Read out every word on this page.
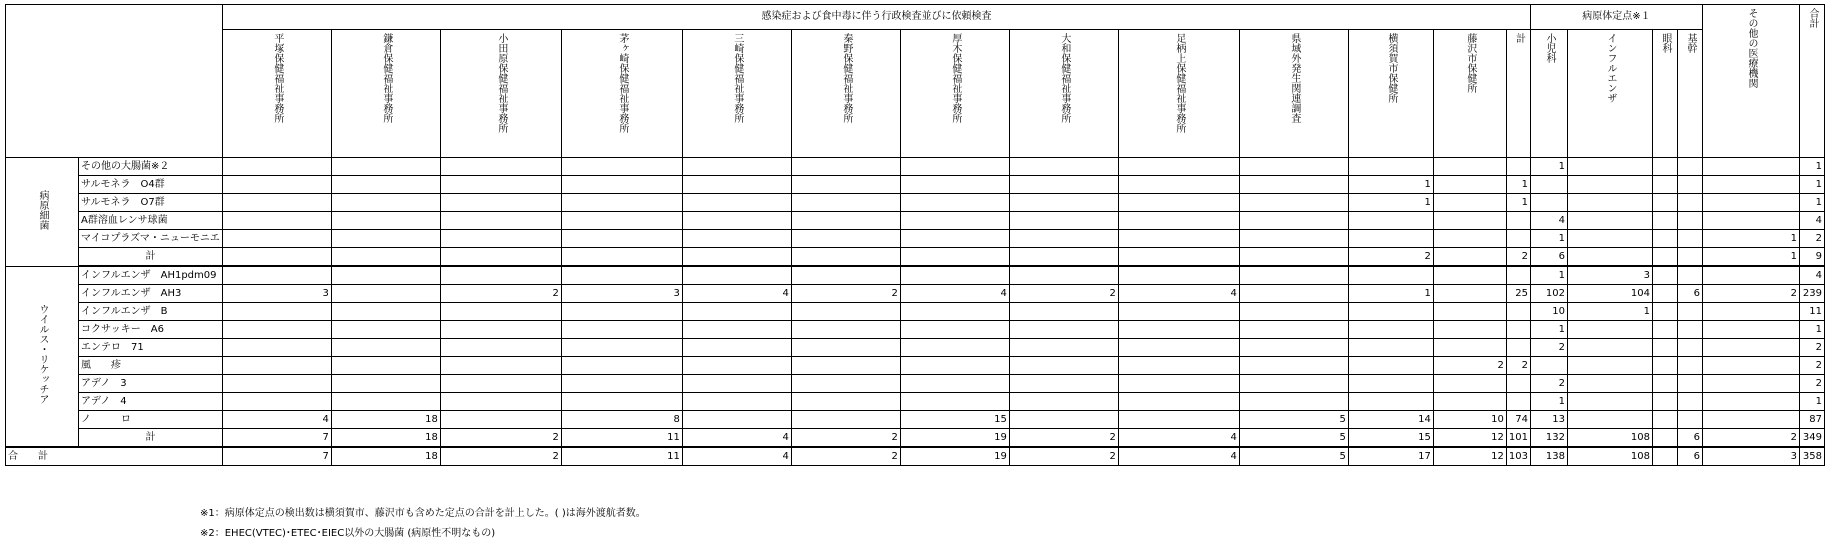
		感染症および食中毒に伴う行政検査並びに依頼検査													病原体定点※１				その他の医療機関	合計
		平塚保健福祉事務所	鎌倉保健福祉事務所	小田原保健福祉事務所	茅ヶ崎保健福祉事務所	三崎保健福祉事務所	秦野保健福祉事務所	厚木保健福祉事務所	大和保健福祉事務所	足柄上保健福祉事務所	県域外発生関連調査	横須賀市保健所	藤沢市保健所	計	小児科	インフルエンザ	眼科	基幹		
病原細菌	その他の大腸菌※２														1					1
	サルモネラ　O4群											1		1						1
	サルモネラ　O7群											1		1						1
	A群溶血レンサ球菌														4					4
	マイコプラズマ・ニューモニエ														1				1	2
	計											2		2	6				1	9
ウイルス・リケッチア	インフルエンザ　AH1pdm09														1	3				4
	インフルエンザ　AH3	3		2	3	4	2	4	2	4		1		25	102	104		6	2	239
	インフルエンザ　B														10	1				11
	コクサッキー　A6														1					1
	エンテロ　71														2					2
	風　　疹												2	2						2
	アデノ　3														2					2
	アデノ　4														1					1
	ノ　　　ロ	4	18		8			15			5	14	10	74	13					87
	計	7	18	2	11	4	2	19	2	4	5	15	12	101	132	108		6	2	349
合　　計		7	18	2	11	4	2	19	2	4	5	17	12	103	138	108		6	3	358
※1：病原体定点の検出数は横須賀市、藤沢市も含めた定点の合計を計上した。( )は海外渡航者数。
※2：EHEC(VTEC)･ETEC･EIEC以外の大腸菌 (病原性不明なもの)
